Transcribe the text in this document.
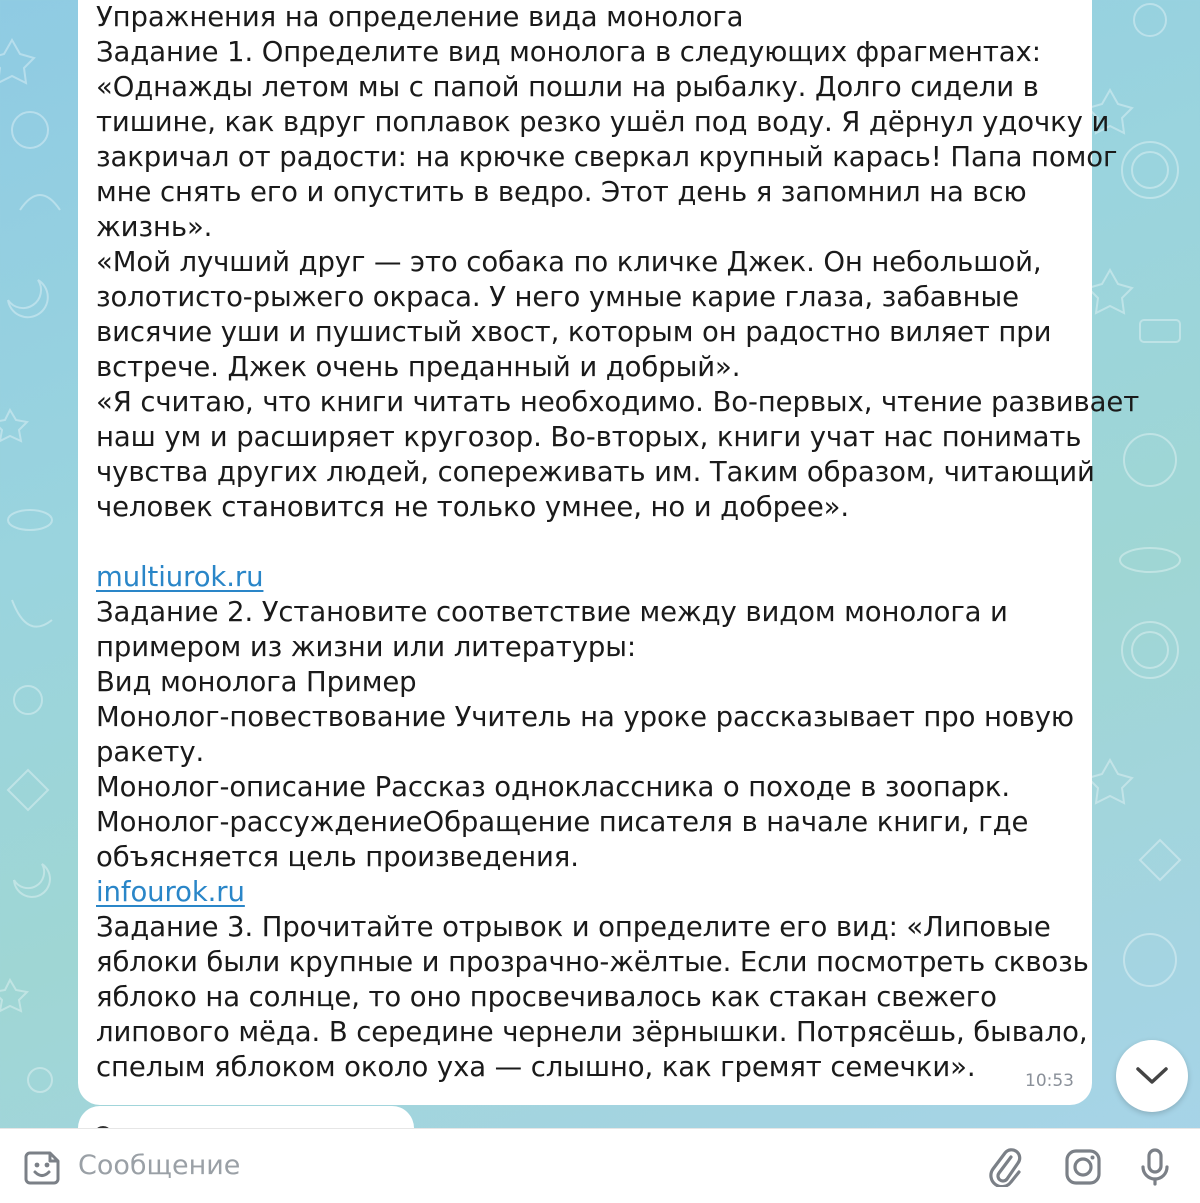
Упражнения на определение вида монолога
Задание 1. Определите вид монолога в следующих фрагментах:
«Однажды летом мы с папой пошли на рыбалку. Долго сидели в
тишине, как вдруг поплавок резко ушёл под воду. Я дёрнул удочку и
закричал от радости: на крючке сверкал крупный карась! Папа помог
мне снять его и опустить в ведро. Этот день я запомнил на всю
жизнь».
«Мой лучший друг — это собака по кличке Джек. Он небольшой,
золотисто-рыжего окраса. У него умные карие глаза, забавные
висячие уши и пушистый хвост, которым он радостно виляет при
встрече. Джек очень преданный и добрый».
«Я считаю, что книги читать необходимо. Во-первых, чтение развивает
наш ум и расширяет кругозор. Во-вторых, книги учат нас понимать
чувства других людей, сопереживать им. Таким образом, читающий
человек становится не только умнее, но и добрее».
multiurok.ru
Задание 2. Установите соответствие между видом монолога и
примером из жизни или литературы:
Вид монолога Пример
Монолог-повествование Учитель на уроке рассказывает про новую
ракету.
Монолог-описание Рассказ одноклассника о походе в зоопарк.
Монолог-рассуждениеОбращение писателя в начале книги, где
объясняется цель произведения.
infourok.ru
Задание 3. Прочитайте отрывок и определите его вид: «Липовые
яблоки были крупные и прозрачно-жёлтые. Если посмотреть сквозь
яблоко на солнце, то оно просвечивалось как стакан свежего
липового мёда. В середине чернели зёрнышки. Потрясёшь, бывало,
спелым яблоком около уха — слышно, как гремят семечки».	10:53
Сообщение
